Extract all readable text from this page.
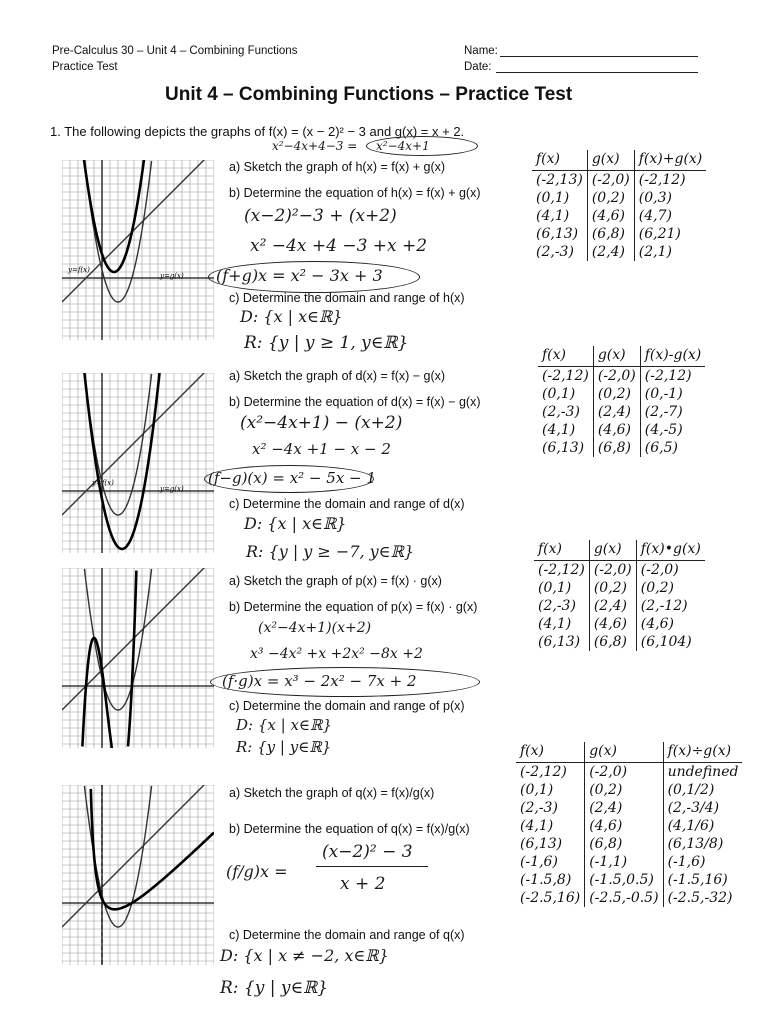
Pre-Calculus 30 – Unit 4 – Combining Functions
Practice Test
Name:
Date:
Unit 4 – Combining Functions – Practice Test
1. The following depicts the graphs of f(x) = (x − 2)² − 3 and g(x) = x + 2.
x²−4x+4−3 = x²−4x+1
y=f(x)
y=g(x)
y=f(x)
y=g(x)
a) Sketch the graph of h(x) = f(x) + g(x)
b) Determine the equation of h(x) = f(x) + g(x)
(x−2)²−3 + (x+2)
x² −4x +4 −3 +x +2
(f+g)x = x² − 3x + 3
c) Determine the domain and range of h(x)
D: {x | x∈ℝ}
R: {y | y ≥ 1, y∈ℝ}
a) Sketch the graph of d(x) = f(x) − g(x)
b) Determine the equation of d(x) = f(x) − g(x)
(x²−4x+1) − (x+2)
x² −4x +1 − x − 2
(f−g)(x) = x² − 5x − 1
c) Determine the domain and range of d(x)
D: {x | x∈ℝ}
R: {y | y ≥ −7, y∈ℝ}
a) Sketch the graph of p(x) = f(x) · g(x)
b) Determine the equation of p(x) = f(x) · g(x)
(x²−4x+1)(x+2)
x³ −4x² +x +2x² −8x +2
(f·g)x = x³ − 2x² − 7x + 2
c) Determine the domain and range of p(x)
D: {x | x∈ℝ}
R: {y | y∈ℝ}
a) Sketch the graph of q(x) = f(x)/g(x)
b) Determine the equation of q(x) = f(x)/g(x)
(f/g)x =
(x−2)² − 3
x + 2
c) Determine the domain and range of q(x)
D: {x | x ≠ −2, x∈ℝ}
R: {y | y∈ℝ}
f(x)	g(x)	f(x)+g(x)
(-2,13)	(-2,0)	(-2,12)
(0,1)	(0,2)	(0,3)
(4,1)	(4,6)	(4,7)
(6,13)	(6,8)	(6,21)
(2,-3)	(2,4)	(2,1)
f(x)	g(x)	f(x)-g(x)
(-2,12)	(-2,0)	(-2,12)
(0,1)	(0,2)	(0,-1)
(2,-3)	(2,4)	(2,-7)
(4,1)	(4,6)	(4,-5)
(6,13)	(6,8)	(6,5)
f(x)	g(x)	f(x)•g(x)
(-2,12)	(-2,0)	(-2,0)
(0,1)	(0,2)	(0,2)
(2,-3)	(2,4)	(2,-12)
(4,1)	(4,6)	(4,6)
(6,13)	(6,8)	(6,104)
f(x)	g(x)	f(x)÷g(x)
(-2,12)	(-2,0)	undefined
(0,1)	(0,2)	(0,1/2)
(2,-3)	(2,4)	(2,-3/4)
(4,1)	(4,6)	(4,1/6)
(6,13)	(6,8)	(6,13/8)
(-1,6)	(-1,1)	(-1,6)
(-1.5,8)	(-1.5,0.5)	(-1.5,16)
(-2.5,16)	(-2.5,-0.5)	(-2.5,-32)
